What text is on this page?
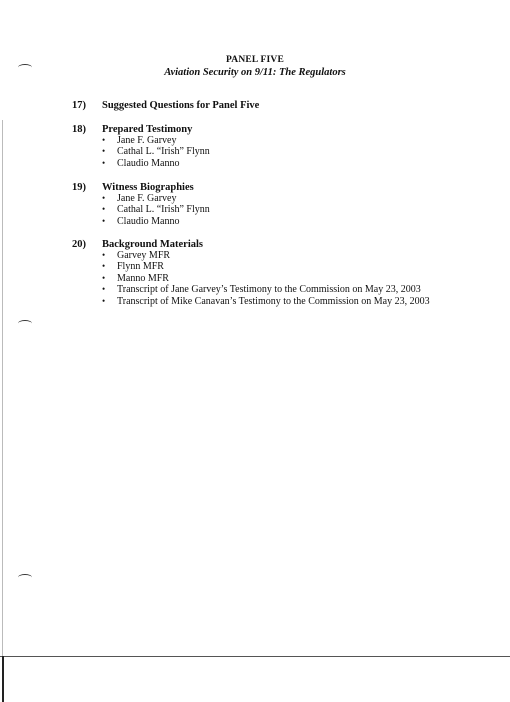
PANEL FIVE
Aviation Security on 9/11: The Regulators
17)	Suggested Questions for Panel Five
18)	Prepared Testimony
• Jane F. Garvey
• Cathal L. “Irish” Flynn
• Claudio Manno
19)	Witness Biographies
• Jane F. Garvey
• Cathal L. “Irish” Flynn
• Claudio Manno
20)	Background Materials
• Garvey MFR
• Flynn MFR
• Manno MFR
• Transcript of Jane Garvey’s Testimony to the Commission on May 23, 2003
• Transcript of Mike Canavan’s Testimony to the Commission on May 23, 2003
